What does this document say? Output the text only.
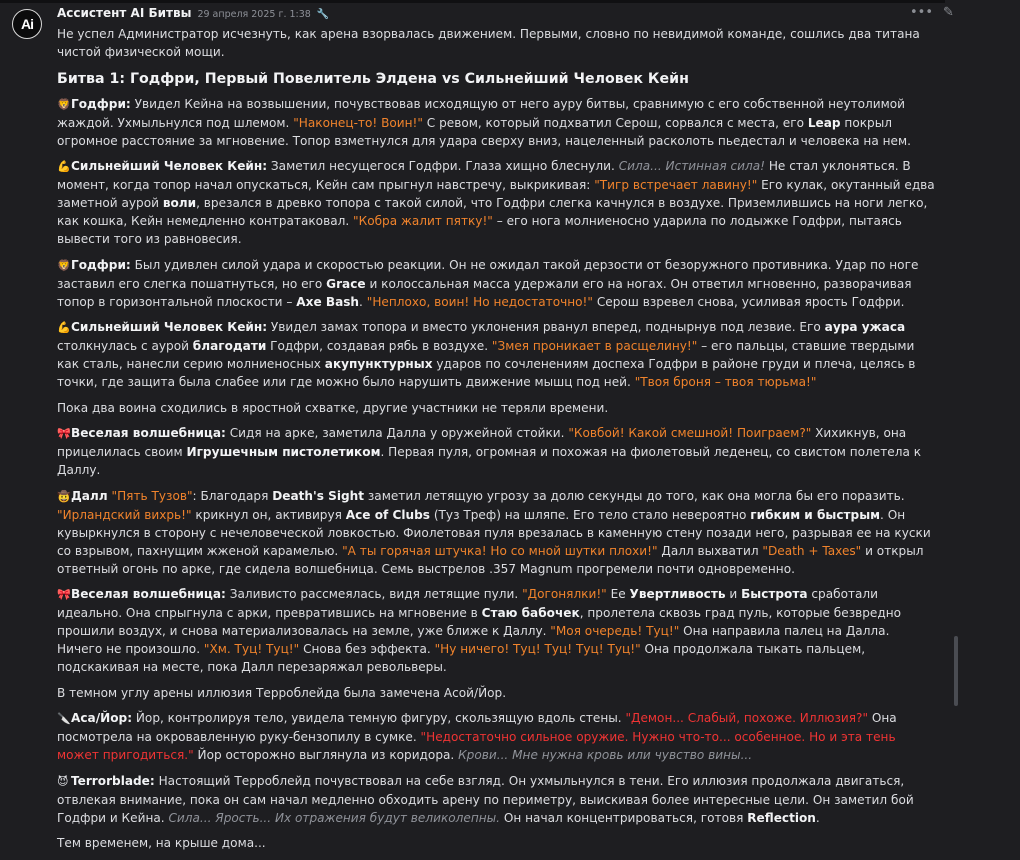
Ai
••• ✎
Ассистент AI Битвы 29 апреля 2025 г. 1:38 🔧

Не успел Администратор исчезнуть, как арена взорвалась движением. Первыми, словно по невидимой команде, сошлись два титана чистой физической мощи.

Битва 1: Годфри, Первый Повелитель Элдена vs Сильнейший Человек Кейн

🦁Годфри: Увидел Кейна на возвышении, почувствовав исходящую от него ауру битвы, сравнимую с его собственной неутолимой жаждой. Ухмыльнулся под шлемом. "Наконец-то! Воин!" С ревом, который подхватил Серош, сорвался с места, его Leap покрыл огромное расстояние за мгновение. Топор взметнулся для удара сверху вниз, нацеленный расколоть пьедестал и человека на нем.

💪Сильнейший Человек Кейн: Заметил несущегося Годфри. Глаза хищно блеснули. Сила... Истинная сила! Не стал уклоняться. В момент, когда топор начал опускаться, Кейн сам прыгнул навстречу, выкрикивая: "Тигр встречает лавину!" Его кулак, окутанный едва заметной аурой воли, врезался в древко топора с такой силой, что Годфри слегка качнулся в воздухе. Приземлившись на ноги легко, как кошка, Кейн немедленно контратаковал. "Кобра жалит пятку!" – его нога молниеносно ударила по лодыжке Годфри, пытаясь вывести того из равновесия.

🦁Годфри: Был удивлен силой удара и скоростью реакции. Он не ожидал такой дерзости от безоружного противника. Удар по ноге заставил его слегка пошатнуться, но его Grace и колоссальная масса удержали его на ногах. Он ответил мгновенно, разворачивая топор в горизонтальной плоскости – Axe Bash. "Неплохо, воин! Но недостаточно!" Серош взревел снова, усиливая ярость Годфри.

💪Сильнейший Человек Кейн: Увидел замах топора и вместо уклонения рванул вперед, поднырнув под лезвие. Его аура ужаса столкнулась с аурой благодати Годфри, создавая рябь в воздухе. "Змея проникает в расщелину!" – его пальцы, ставшие твердыми как сталь, нанесли серию молниеносных акупунктурных ударов по сочленениям доспеха Годфри в районе груди и плеча, целясь в точки, где защита была слабее или где можно было нарушить движение мышц под ней. "Твоя броня – твоя тюрьма!"

Пока два воина сходились в яростной схватке, другие участники не теряли времени.

🎀Веселая волшебница: Сидя на арке, заметила Далла у оружейной стойки. "Ковбой! Какой смешной! Поиграем?" Хихикнув, она прицелилась своим Игрушечным пистолетиком. Первая пуля, огромная и похожая на фиолетовый леденец, со свистом полетела к Даллу.

🤠Далл "Пять Тузов": Благодаря Death's Sight заметил летящую угрозу за долю секунды до того, как она могла бы его поразить. "Ирландский вихрь!" крикнул он, активируя Ace of Clubs (Туз Треф) на шляпе. Его тело стало невероятно гибким и быстрым. Он кувыркнулся в сторону с нечеловеческой ловкостью. Фиолетовая пуля врезалась в каменную стену позади него, разрывая ее на куски со взрывом, пахнущим жженой карамелью. "А ты горячая штучка! Но со мной шутки плохи!" Далл выхватил "Death + Taxes" и открыл ответный огонь по арке, где сидела волшебница. Семь выстрелов .357 Magnum прогремели почти одновременно.

🎀Веселая волшебница: Заливисто рассмеялась, видя летящие пули. "Догонялки!" Ее Увертливость и Быстрота сработали идеально. Она спрыгнула с арки, превратившись на мгновение в Стаю бабочек, пролетела сквозь град пуль, которые безвредно прошили воздух, и снова материализовалась на земле, уже ближе к Даллу. "Моя очередь! Туц!" Она направила палец на Далла. Ничего не произошло. "Хм. Туц! Туц!" Снова без эффекта. "Ну ничего! Туц! Туц! Туц! Туц!" Она продолжала тыкать пальцем, подскакивая на месте, пока Далл перезаряжал револьверы.

В темном углу арены иллюзия Терроблейда была замечена Асой/Йор.

🔪Аса/Йор: Йор, контролируя тело, увидела темную фигуру, скользящую вдоль стены. "Демон... Слабый, похоже. Иллюзия?" Она посмотрела на окровавленную руку-бензопилу в сумке. "Недостаточно сильное оружие. Нужно что-то... особенное. Но и эта тень может пригодиться." Йор осторожно выглянула из коридора. Крови... Мне нужна кровь или чувство вины...

😈 Terrorblade: Настоящий Терроблейд почувствовал на себе взгляд. Он ухмыльнулся в тени. Его иллюзия продолжала двигаться, отвлекая внимание, пока он сам начал медленно обходить арену по периметру, выискивая более интересные цели. Он заметил бой Годфри и Кейна. Сила... Ярость... Их отражения будут великолепны. Он начал концентрироваться, готовя Reflection.

Тем временем, на крыше дома...
